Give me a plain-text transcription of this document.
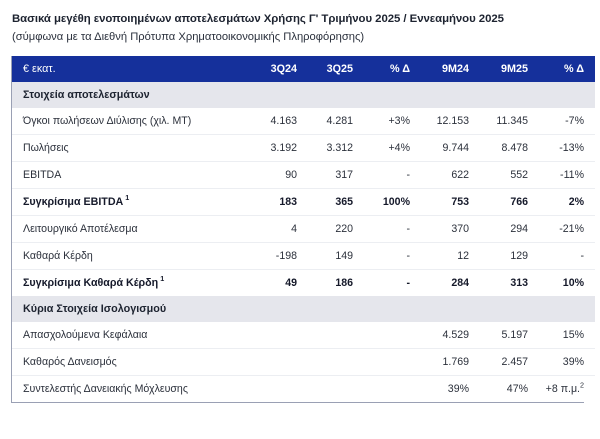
Βασικά μεγέθη ενοποιημένων αποτελεσμάτων Χρήσης Γ' Τριμήνου 2025 / Εννεαμήνου 2025
(σύμφωνα με τα Διεθνή Πρότυπα Χρηματοοικονομικής Πληροφόρησης)
€ εκατ.	3Q24	3Q25	% Δ	9M24	9M25	% Δ
Στοιχεία αποτελεσμάτων						
Όγκοι πωλήσεων Διύλισης (χιλ. ΜΤ)	4.163	4.281	+3%	12.153	11.345	-7%
Πωλήσεις	3.192	3.312	+4%	9.744	8.478	-13%
EBITDA	90	317	-	622	552	-11%
Συγκρίσιμα EBITDA $^1$	183	365	100%	753	766	2%
Λειτουργικό Αποτέλεσμα	4	220	-	370	294	-21%
Καθαρά Κέρδη	-198	149	-	12	129	-
Συγκρίσιμα Καθαρά Κέρδη $^1$	49	186	-	284	313	10%
Κύρια Στοιχεία Ισολογισμού						
Απασχολούμενα Κεφάλαια				4.529	5.197	15%
Καθαρός Δανεισμός				1.769	2.457	39%
Συντελεστής Δανειακής Μόχλευσης				39%	47%	+8 π.μ.$^2$
